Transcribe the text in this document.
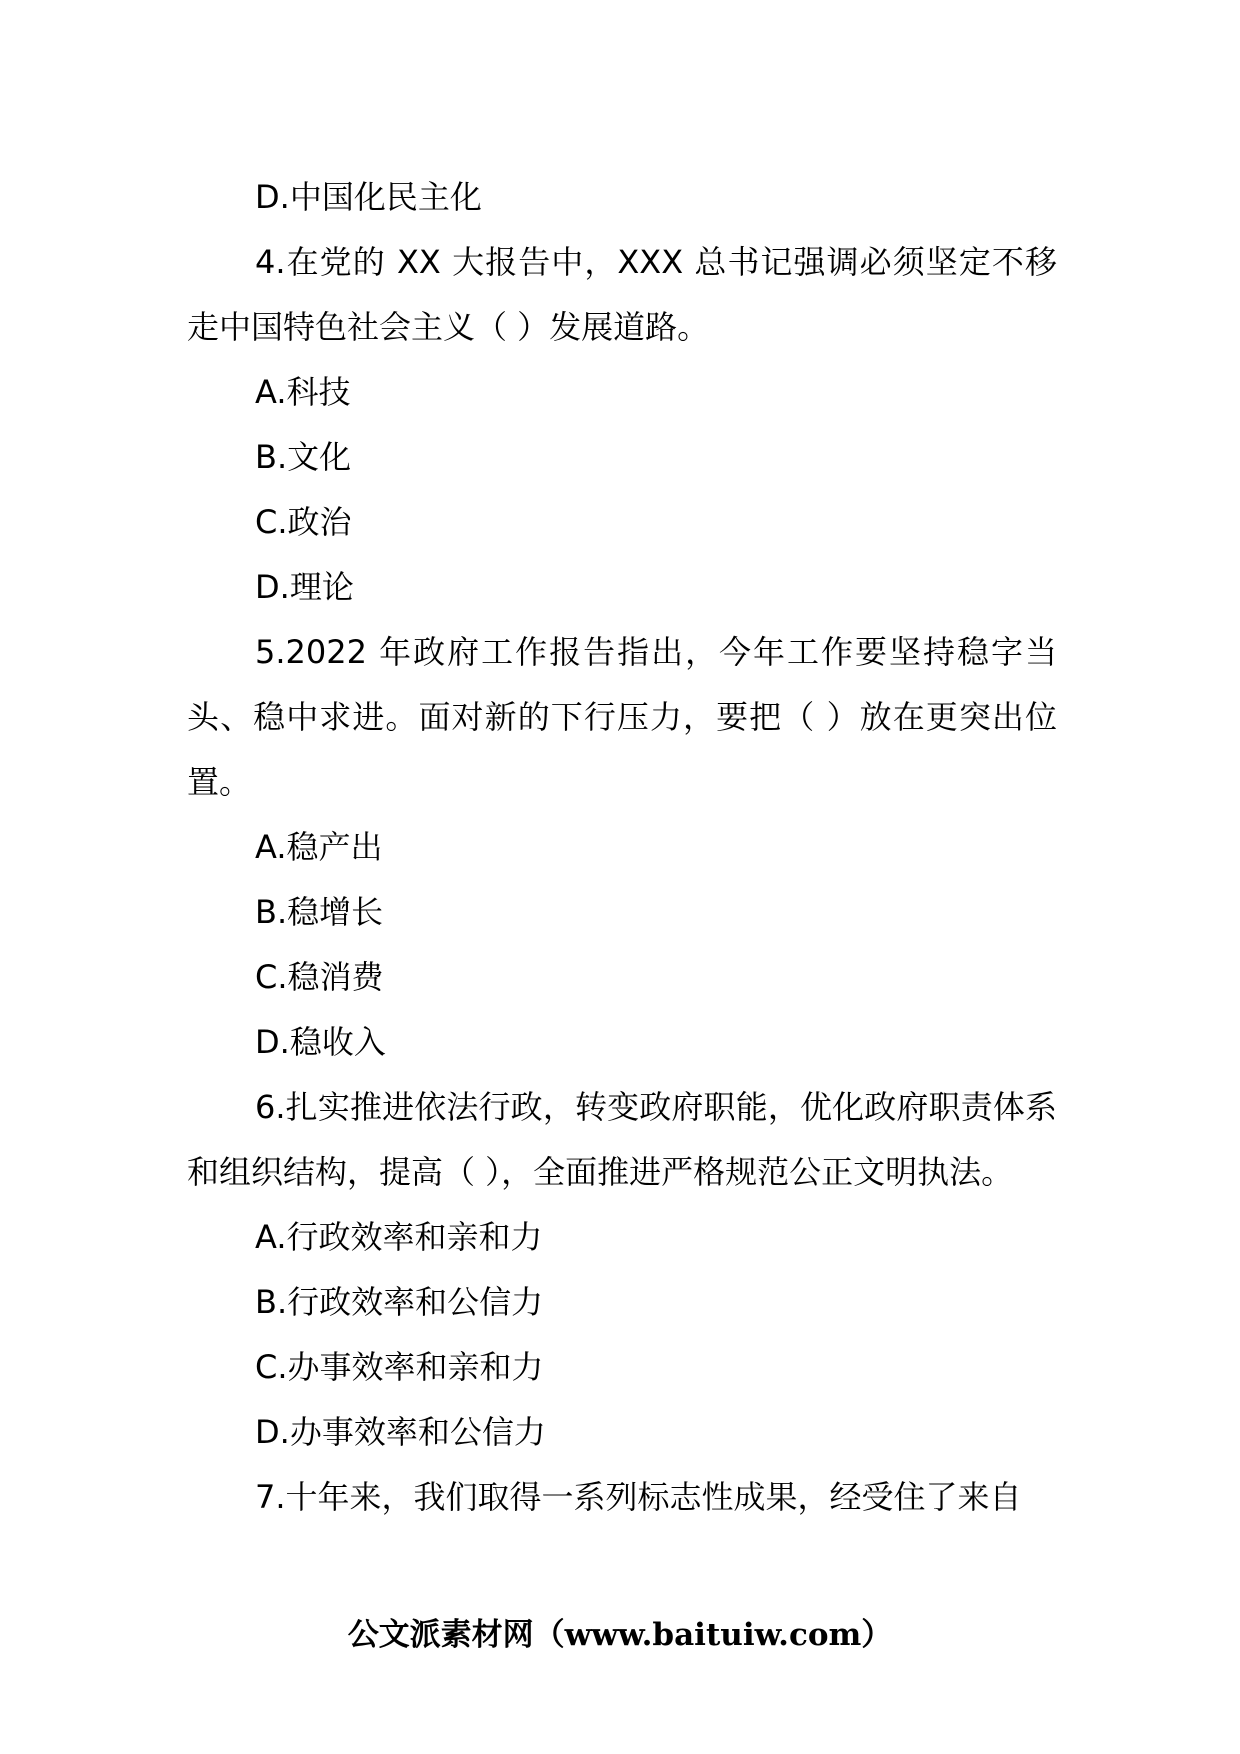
D.中国化民主化

4.在党的 XX 大报告中，XXX 总书记强调必须坚定不移走中国特色社会主义（ ）发展道路。

A.科技

B.文化

C.政治

D.理论

5.2022 年政府工作报告指出，今年工作要坚持稳字当头、稳中求进。面对新的下行压力，要把（ ）放在更突出位置。

A.稳产出

B.稳增长

C.稳消费

D.稳收入

6.扎实推进依法行政，转变政府职能，优化政府职责体系和组织结构，提高（ ），全面推进严格规范公正文明执法。

A.行政效率和亲和力

B.行政效率和公信力

C.办事效率和亲和力

D.办事效率和公信力

7.十年来，我们取得一系列标志性成果，经受住了来自

公文派素材网（www.baituiw.com）
